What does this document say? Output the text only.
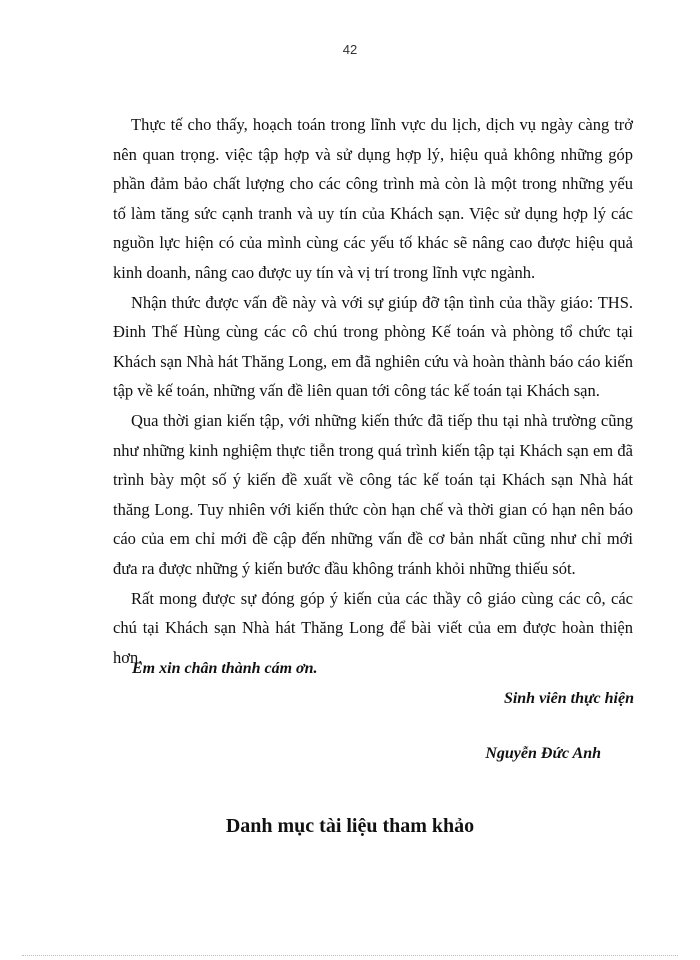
42

Thực tế cho thấy, hoạch toán trong lĩnh vực du lịch, dịch vụ ngày càng trở nên quan trọng. việc tập hợp và sử dụng hợp lý, hiệu quả không những góp phần đảm bảo chất lượng cho các công trình mà còn là một trong những yếu tố làm tăng sức cạnh tranh và uy tín của Khách sạn. Việc sử dụng hợp lý các nguồn lực hiện có của mình cùng các yếu tố khác sẽ nâng cao được hiệu quả kinh doanh, nâng cao được uy tín và vị trí trong lĩnh vực ngành.

Nhận thức được vấn đề này và với sự giúp đỡ tận tình của thầy giáo: THS. Đinh Thế Hùng cùng các cô chú trong phòng Kế toán và phòng tổ chức tại Khách sạn Nhà hát Thăng Long, em đã nghiên cứu và hoàn thành báo cáo kiến tập về kế toán, những vấn đề liên quan tới công tác kế toán tại Khách sạn.

Qua thời gian kiến tập, với những kiến thức đã tiếp thu tại nhà trường cũng như những kinh nghiệm thực tiễn trong quá trình kiến tập tại Khách sạn em đã trình bày một số ý kiến đề xuất về công tác kế toán tại Khách sạn Nhà hát thăng Long. Tuy nhiên với kiến thức còn hạn chế và thời gian có hạn nên báo cáo của em chỉ mới đề cập đến những vấn đề cơ bản nhất cũng như chỉ mới đưa ra được những ý kiến bước đầu không tránh khỏi những thiếu sót.

Rất mong được sự đóng góp ý kiến của các thầy cô giáo cùng các cô, các chú tại Khách sạn Nhà hát Thăng Long để bài viết của em được hoàn thiện hơn.

Em xin chân thành cám ơn.
Sinh viên thực hiện
Nguyễn Đức Anh
Danh mục tài liệu tham khảo
